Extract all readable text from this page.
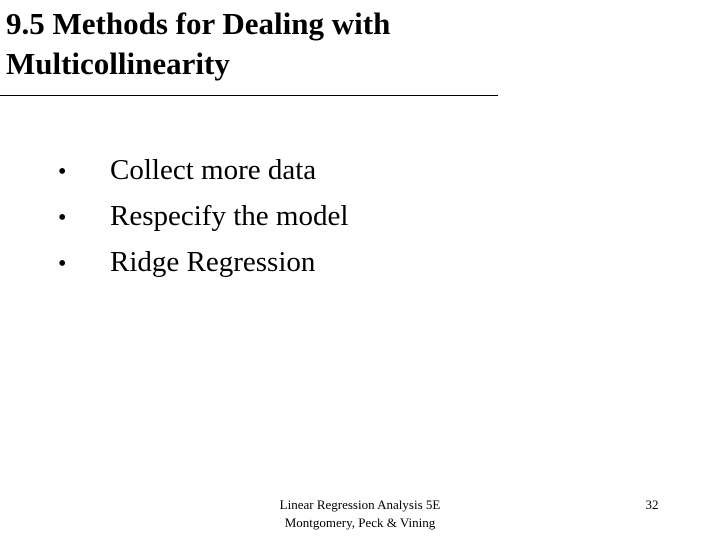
9.5 Methods for Dealing with
Multicollinearity
•	Collect more data
•	Respecify the model
•	Ridge Regression
Linear Regression Analysis 5E
Montgomery, Peck & Vining
32
